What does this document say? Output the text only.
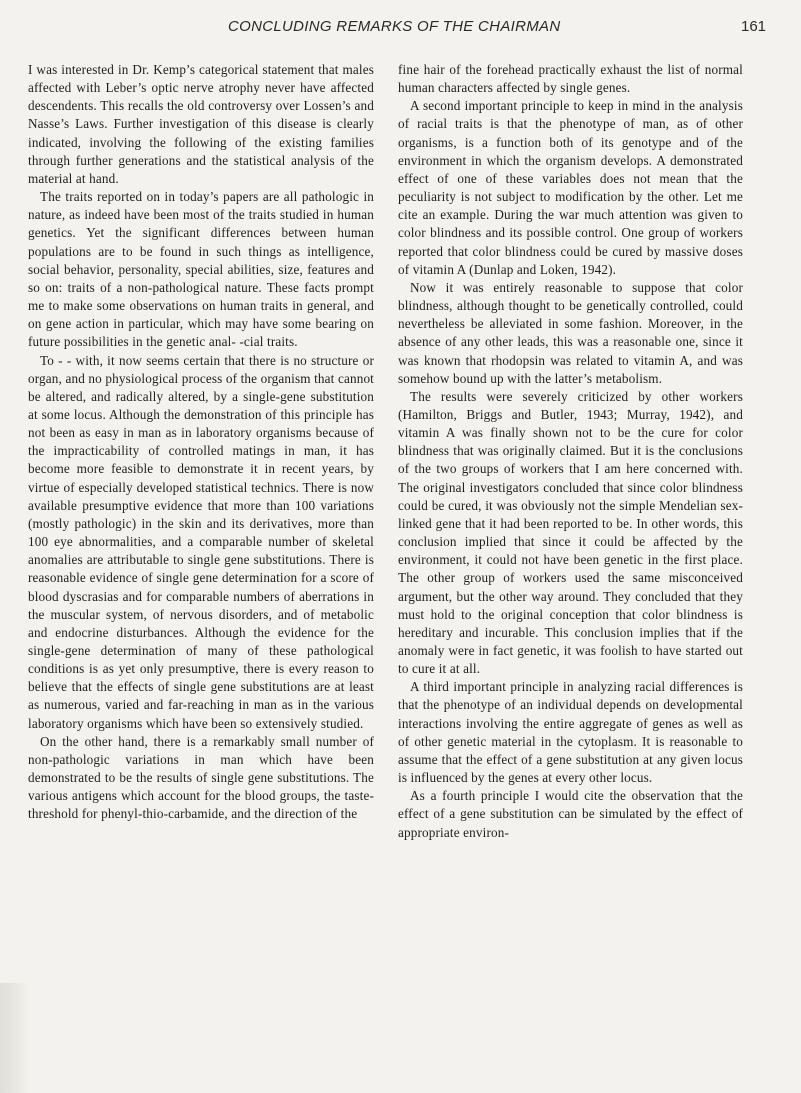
CONCLUDING REMARKS OF THE CHAIRMAN	161

I was interested in Dr. Kemp’s categorical statement that males affected with Leber’s optic nerve atrophy never have affected descendents. This recalls the old controversy over Lossen’s and Nasse’s Laws. Further investigation of this disease is clearly indicated, involving the following of the existing families through further generations and the statistical analysis of the material at hand.

The traits reported on in today’s papers are all pathologic in nature, as indeed have been most of the traits studied in human genetics. Yet the significant differences between human populations are to be found in such things as intelligence, social behavior, personality, special abilities, size, features and so on: traits of a non-pathological nature. These facts prompt me to make some observations on human traits in general, and on gene action in particular, which may have some bearing on future possibilities in the genetic anal‑ ‑cial traits.

To ‑ ‑ with, it now seems certain that there is no structure or organ, and no physiological process of the organism that cannot be altered, and radically altered, by a single-gene substitution at some locus. Although the demonstration of this principle has not been as easy in man as in laboratory organisms because of the impracticability of controlled matings in man, it has become more feasible to demonstrate it in recent years, by virtue of especially developed statistical technics. There is now available presumptive evidence that more than 100 variations (mostly pathologic) in the skin and its derivatives, more than 100 eye abnormalities, and a comparable number of skeletal anomalies are attributable to single gene substitutions. There is reasonable evidence of single gene determination for a score of blood dyscrasias and for comparable numbers of aberrations in the muscular system, of nervous disorders, and of metabolic and endocrine disturbances. Although the evidence for the single-gene determination of many of these pathological conditions is as yet only presumptive, there is every reason to believe that the effects of single gene substitutions are at least as numerous, varied and far-reaching in man as in the various laboratory organisms which have been so extensively studied.

On the other hand, there is a remarkably small number of non-pathologic variations in man which have been demonstrated to be the results of single gene substitutions. The various antigens which account for the blood groups, the taste-threshold for phenyl-thio-carbamide, and the direction of the

fine hair of the forehead practically exhaust the list of normal human characters affected by single genes.

A second important principle to keep in mind in the analysis of racial traits is that the phenotype of man, as of other organisms, is a function both of its genotype and of the environment in which the organism develops. A demonstrated effect of one of these variables does not mean that the peculiarity is not subject to modification by the other. Let me cite an example. During the war much attention was given to color blindness and its possible control. One group of workers reported that color blindness could be cured by massive doses of vitamin A (Dunlap and Loken, 1942).

Now it was entirely reasonable to suppose that color blindness, although thought to be genetically controlled, could nevertheless be alleviated in some fashion. Moreover, in the absence of any other leads, this was a reasonable one, since it was known that rhodopsin was related to vitamin A, and was somehow bound up with the latter’s metabolism.

The results were severely criticized by other workers (Hamilton, Briggs and Butler, 1943; Murray, 1942), and vitamin A was finally shown not to be the cure for color blindness that was originally claimed. But it is the conclusions of the two groups of workers that I am here concerned with. The original investigators concluded that since color blindness could be cured, it was obviously not the simple Mendelian sex-linked gene that it had been reported to be. In other words, this conclusion implied that since it could be affected by the environment, it could not have been genetic in the first place. The other group of workers used the same misconceived argument, but the other way around. They concluded that they must hold to the original conception that color blindness is hereditary and incurable. This conclusion implies that if the anomaly were in fact genetic, it was foolish to have started out to cure it at all.

A third important principle in analyzing racial differences is that the phenotype of an individual depends on developmental interactions involving the entire aggregate of genes as well as of other genetic material in the cytoplasm. It is reasonable to assume that the effect of a gene substitution at any given locus is influenced by the genes at every other locus.

As a fourth principle I would cite the observation that the effect of a gene substitution can be simulated by the effect of appropriate environ-
